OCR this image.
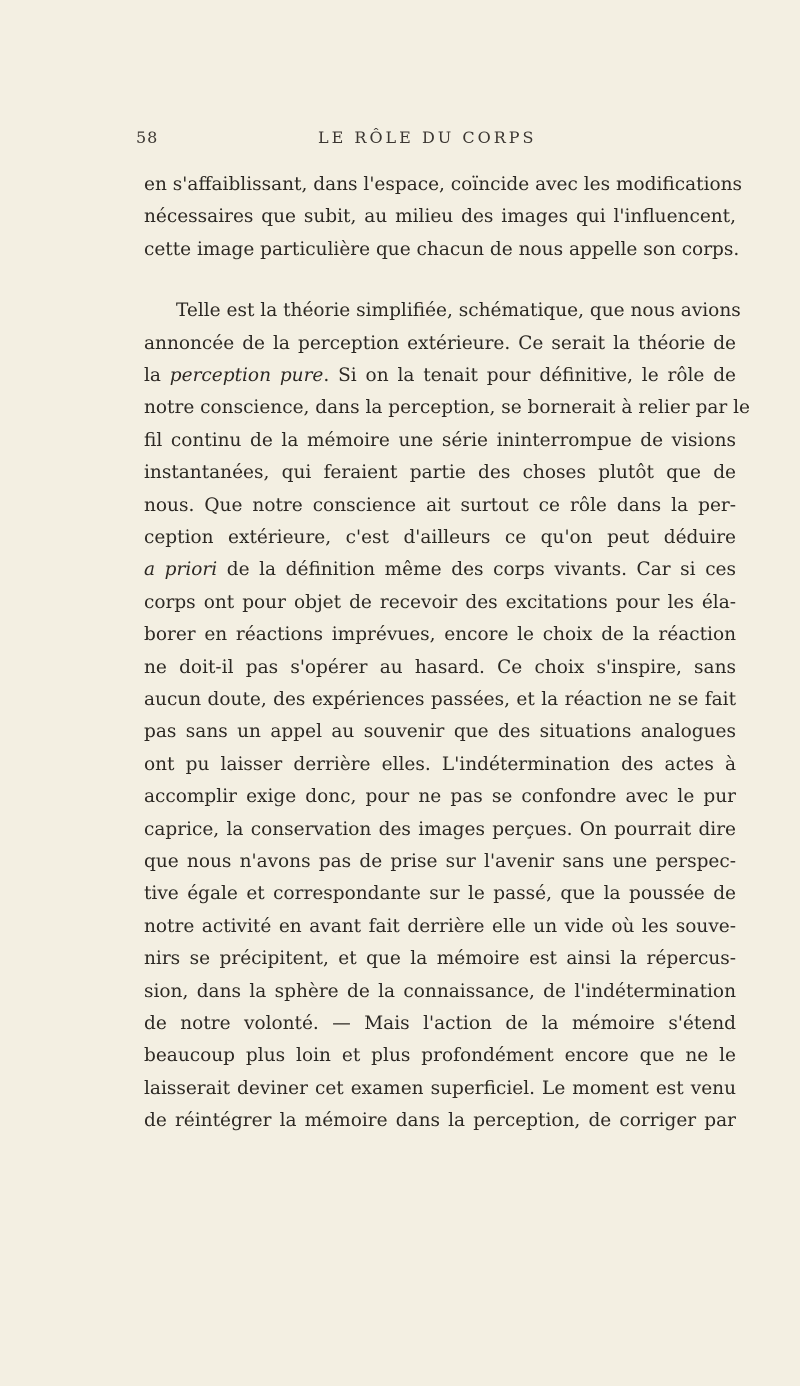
58	LE RÔLE DU CORPS
en s'affaiblissant, dans l'espace, coïncide avec les modifications
nécessaires que subit, au milieu des images qui l'influencent,
cette image particulière que chacun de nous appelle son corps.
Telle est la théorie simplifiée, schématique, que nous avions
annoncée de la perception extérieure. Ce serait la théorie de
la perception pure. Si on la tenait pour définitive, le rôle de
notre conscience, dans la perception, se bornerait à relier par le
fil continu de la mémoire une série ininterrompue de visions
instantanées, qui feraient partie des choses plutôt que de
nous. Que notre conscience ait surtout ce rôle dans la per-
ception extérieure, c'est d'ailleurs ce qu'on peut déduire
a priori de la définition même des corps vivants. Car si ces
corps ont pour objet de recevoir des excitations pour les éla-
borer en réactions imprévues, encore le choix de la réaction
ne doit-il pas s'opérer au hasard. Ce choix s'inspire, sans
aucun doute, des expériences passées, et la réaction ne se fait
pas sans un appel au souvenir que des situations analogues
ont pu laisser derrière elles. L'indétermination des actes à
accomplir exige donc, pour ne pas se confondre avec le pur
caprice, la conservation des images perçues. On pourrait dire
que nous n'avons pas de prise sur l'avenir sans une perspec-
tive égale et correspondante sur le passé, que la poussée de
notre activité en avant fait derrière elle un vide où les souve-
nirs se précipitent, et que la mémoire est ainsi la répercus-
sion, dans la sphère de la connaissance, de l'indétermination
de notre volonté. — Mais l'action de la mémoire s'étend
beaucoup plus loin et plus profondément encore que ne le
laisserait deviner cet examen superficiel. Le moment est venu
de réintégrer la mémoire dans la perception, de corriger par
